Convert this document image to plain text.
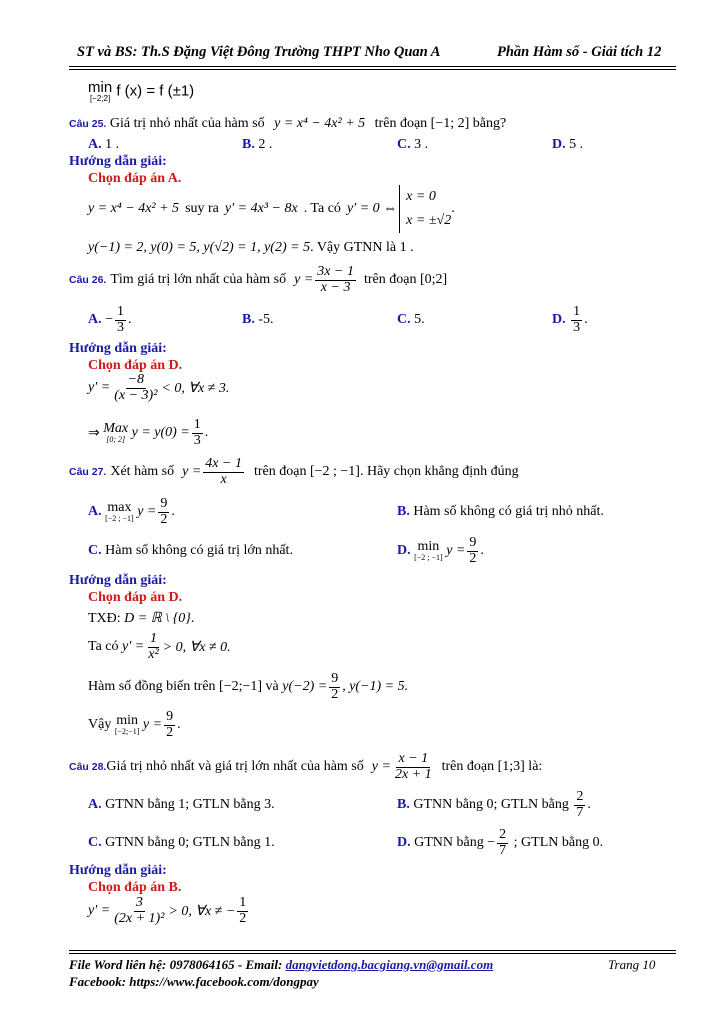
ST và BS: Th.S Đặng Việt Đông Trường THPT Nho Quan A	Phần Hàm số - Giải tích 12
min
[−2;2] f (x) = f (±1)
Câu 25. Giá trị nhỏ nhất của hàm số y = x⁴ − 4x² + 5 trên đoạn [−1; 2] bằng?
A. 1 .	B. 2 .	C. 3 .	D. 5 .
Hướng dẫn giải:
Chọn đáp án A.
y = x⁴ − 4x² + 5 suy ra y′ = 4x³ − 8x . Ta có y′ = 0 ⇔
x = 0
x = ±√2
.
y(−1) = 2, y(0) = 5, y(√2) = 1, y(2) = 5. Vậy GTNN là 1 .
Câu 26. Tìm giá trị lớn nhất của hàm số $y = \frac{3x - 1}{x - 3}$ trên đoạn [0;2]
A.
− $\frac{1}{3}$ .	B. -5.	C. 5.	D.
$\frac{1}{3}$ .
Hướng dẫn giải:
Chọn đáp án D.
$y' = \frac{-8}{\text{(x − 3)²}} < 0$, ∀x ≠ 3.
⇒
Max
[0; 2]
$y = y(0) = \frac{1}{3}$ .
Câu 27. Xét hàm số $y = \frac{4x - 1}{x}$ trên đoạn [−2 ; −1]. Hãy chọn khẳng định đúng
A.
max
[−2 ; −1]
$y = \frac{9}{2}$ .	B. Hàm số không có giá trị nhỏ nhất.
C. Hàm số không có giá trị lớn nhất.	D.
min
[−2 ; −1]
$y = \frac{9}{2}$ .
Hướng dẫn giải:
Chọn đáp án D.
TXĐ: D = ℝ \ {0}.
Ta có
$y' = \frac{1}{\text{x²}} > 0$, ∀x ≠ 0.
Hàm số đồng biến trên [−2;−1] và
$y(-2) = \frac{9}{2}$ , y(−1) = 5.
Vậy
min
[−2;−1]
$y = \frac{9}{2}$ .
Câu 28. Giá trị nhỏ nhất và giá trị lớn nhất của hàm số $y = \frac{x - 1}{2x + 1}$ trên đoạn [1;3] là:
A. GTNN bằng 1; GTLN bằng 3.	B.
GTNN bằng 0; GTLN bằng
$\frac{2}{7}$ .
C. GTNN bằng 0; GTLN bằng 1.	D.
GTNN bằng
− $\frac{2}{7}$
; GTLN bằng 0.
Hướng dẫn giải:
Chọn đáp án B.
$y' = \frac{3}{\text{(2x + 1)²}} > 0$, ∀x ≠ − $\frac{1}{2}$
File Word liên hệ: 0978064165 - Email: dangvietdong.bacgiang.vn@gmail.com	Trang 10
Facebook: https://www.facebook.com/dongpay
